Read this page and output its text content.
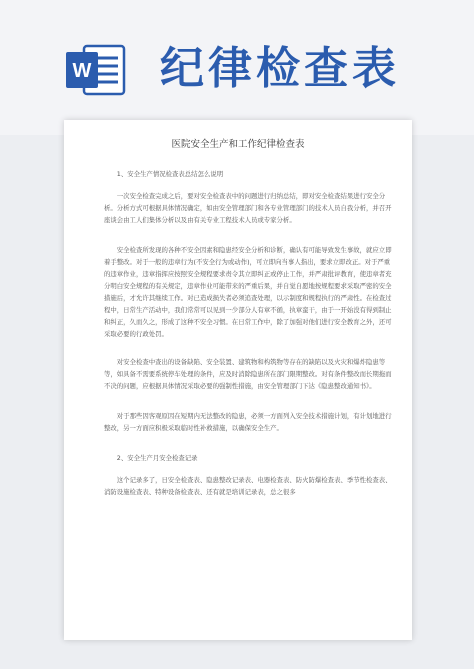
W 纪律检查表
医院安全生产和工作纪律检查表
1、安全生产情况检查表总结怎么说明
一次安全检查完成之后，要对安全检查表中的问题进行归纳总结，即对安全检查结果进行安全分析。分析方式可根据具体情况确定，如由安全管理部门和各专业管理部门的技术人员自我分析，并召开座谈会由工人们集体分析以及由有关专业工程技术人员或专家分析。
安全检查所发现的各种不安全因素和隐患经安全分析和诊断，确认有可能导致发生事故，就应立即着手整改。对于一般的违章行为(不安全行为或动作)，可立即向当事人指出，要求立即改正。对于严重的违章作业，违章指挥应按照安全规程要求责令其立即纠正或停止工作，并严肃批评教育，使违章者充分明白安全规程的有关规定，违章作业可能带来的严重后果，并自觉自愿地按规程要求采取严密的安全措施后，才允许其继续工作。对已造成损失者必须追查处理，以示制度和规程执行的严肃性。在检查过程中，日常生产活动中，我们常常可以见到一少部分人有章不循，执章蛮干，由于一开始没有得到制止和纠正，久而久之，形成了这种不安全习惯。在日常工作中，除了加强对他们进行安全教育之外，还可采取必要的行政处罚。
对安全检查中查出的设备缺陷、安全装置、建筑物和构筑物等存在的缺陷以及火灾和爆炸隐患等等，如具备不需要系统停车处理的条件，应及时消除隐患所在部门限期整改。对有条件整改而长期拖而不决的问题，应根据具体情况采取必要的强制性措施，由安全管理部门下达《隐患整改通知书》。
对于那些因客观原因在短期内无法整改的隐患，必须一方面列入安全技术措施计划，有计划地进行整改，另一方面应积极采取临时性补救措施，以确保安全生产。
2、安全生产月安全检查记录
这个记录多了，日安全检查表、隐患整改记录表、电器检查表、防火防爆检查表、季节性检查表、消防设施检查表、特种设备检查表、还有就是培训记录表，总之很多
